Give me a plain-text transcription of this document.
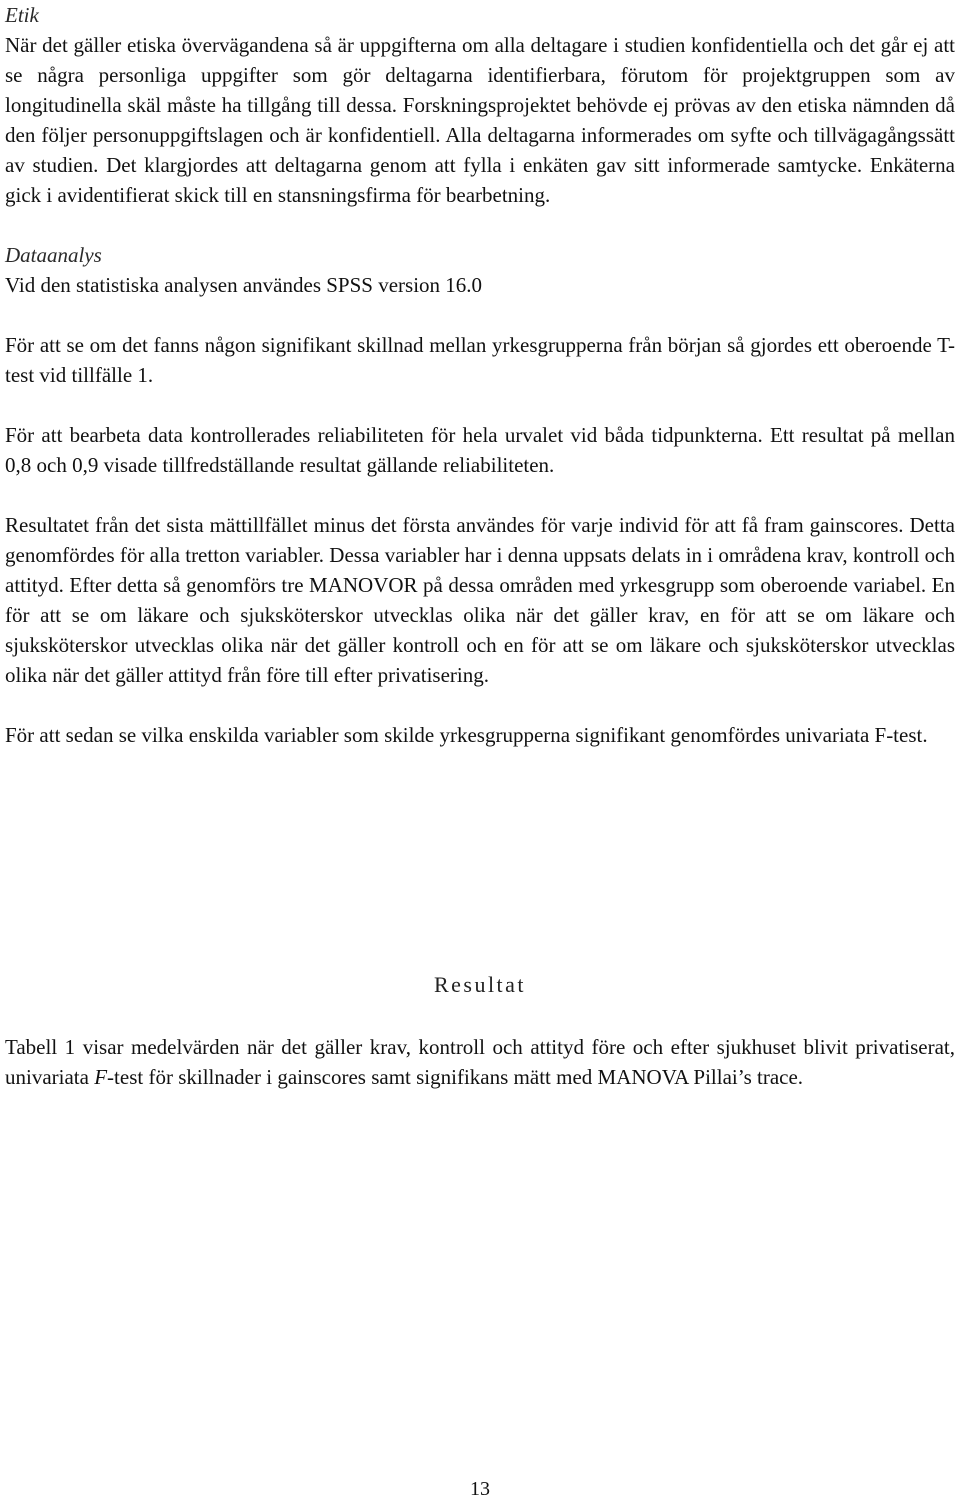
Etik

När det gäller etiska övervägandena så är uppgifterna om alla deltagare i studien konfidentiella och det går ej att se några personliga uppgifter som gör deltagarna identifierbara, förutom för projektgruppen som av longitudinella skäl måste ha tillgång till dessa. Forskningsprojektet behövde ej prövas av den etiska nämnden då den följer personuppgiftslagen och är konfidentiell. Alla deltagarna informerades om syfte och tillvägagångssätt av studien. Det klargjordes att deltagarna genom att fylla i enkäten gav sitt informerade samtycke. Enkäterna gick i avidentifierat skick till en stansningsfirma för bearbetning.

Dataanalys

Vid den statistiska analysen användes SPSS version 16.0

För att se om det fanns någon signifikant skillnad mellan yrkesgrupperna från början så gjordes ett oberoende T-test vid tillfälle 1.

För att bearbeta data kontrollerades reliabiliteten för hela urvalet vid båda tidpunkterna. Ett resultat på mellan 0,8 och 0,9 visade tillfredställande resultat gällande reliabiliteten.

Resultatet från det sista mättillfället minus det första användes för varje individ för att få fram gainscores. Detta genomfördes för alla tretton variabler. Dessa variabler har i denna uppsats delats in i områdena krav, kontroll och attityd. Efter detta så genomförs tre MANOVOR på dessa områden med yrkesgrupp som oberoende variabel. En för att se om läkare och sjuksköterskor utvecklas olika när det gäller krav, en för att se om läkare och sjuksköterskor utvecklas olika när det gäller kontroll och en för att se om läkare och sjuksköterskor utvecklas olika när det gäller attityd från före till efter privatisering.

För att sedan se vilka enskilda variabler som skilde yrkesgrupperna signifikant genomfördes univariata F-test.

Resultat

Tabell 1 visar medelvärden när det gäller krav, kontroll och attityd före och efter sjukhuset blivit privatiserat, univariata F-test för skillnader i gainscores samt signifikans mätt med MANOVA Pillai’s trace.

13
